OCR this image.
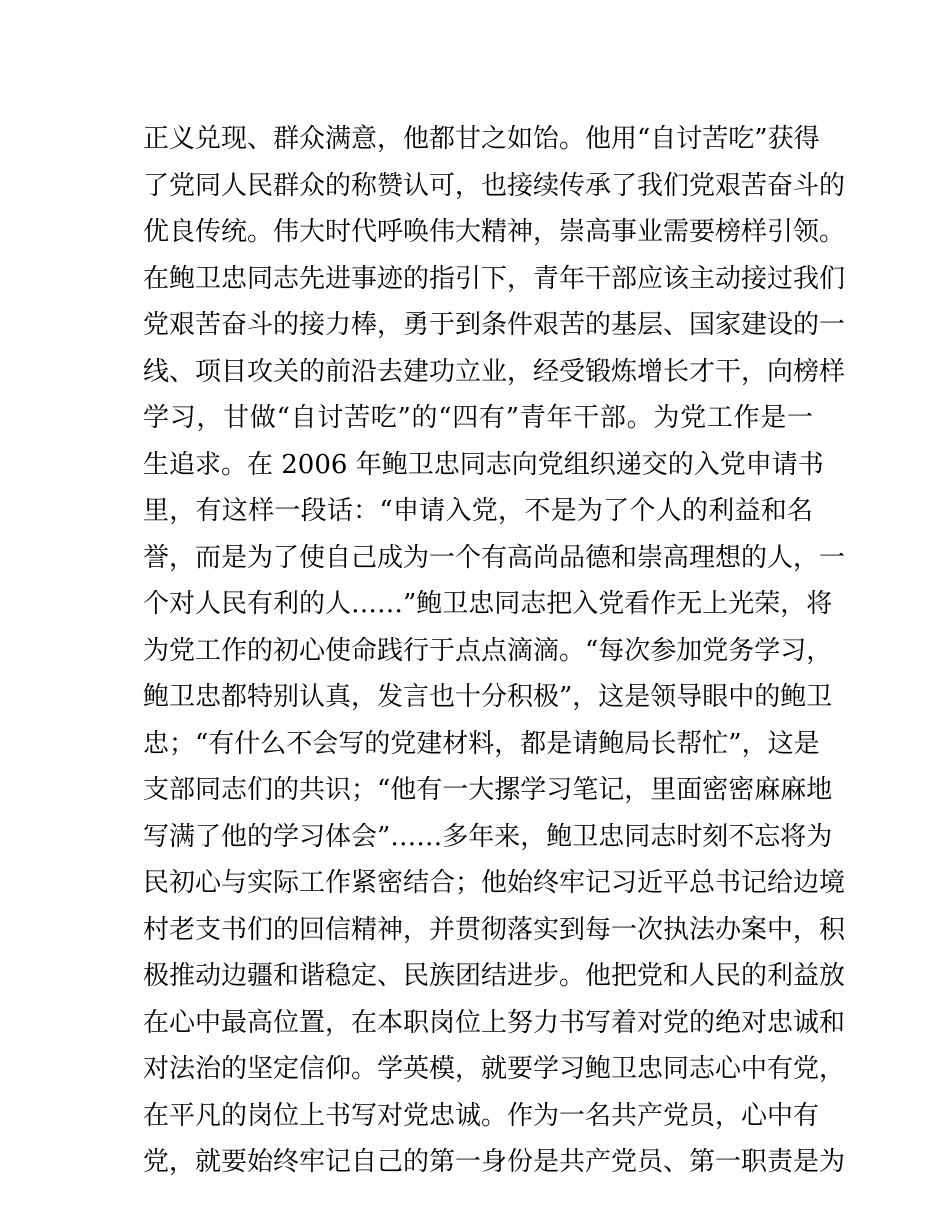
正义兑现、群众满意，他都甘之如饴。他用“自讨苦吃”获得
了党同人民群众的称赞认可，也接续传承了我们党艰苦奋斗的
优良传统。伟大时代呼唤伟大精神，崇高事业需要榜样引领。
在鲍卫忠同志先进事迹的指引下，青年干部应该主动接过我们
党艰苦奋斗的接力棒，勇于到条件艰苦的基层、国家建设的一
线、项目攻关的前沿去建功立业，经受锻炼增长才干，向榜样
学习，甘做“自讨苦吃”的“四有”青年干部。为党工作是一
生追求。在 2006 年鲍卫忠同志向党组织递交的入党申请书
里，有这样一段话：“申请入党，不是为了个人的利益和名
誉，而是为了使自己成为一个有高尚品德和崇高理想的人，一
个对人民有利的人……”鲍卫忠同志把入党看作无上光荣，将
为党工作的初心使命践行于点点滴滴。“每次参加党务学习，
鲍卫忠都特别认真，发言也十分积极”，这是领导眼中的鲍卫
忠；“有什么不会写的党建材料，都是请鲍局长帮忙”，这是
支部同志们的共识；“他有一大摞学习笔记，里面密密麻麻地
写满了他的学习体会”……多年来，鲍卫忠同志时刻不忘将为
民初心与实际工作紧密结合；他始终牢记习近平总书记给边境
村老支书们的回信精神，并贯彻落实到每一次执法办案中，积
极推动边疆和谐稳定、民族团结进步。他把党和人民的利益放
在心中最高位置，在本职岗位上努力书写着对党的绝对忠诚和
对法治的坚定信仰。学英模，就要学习鲍卫忠同志心中有党，
在平凡的岗位上书写对党忠诚。作为一名共产党员，心中有
党，就要始终牢记自己的第一身份是共产党员、第一职责是为
